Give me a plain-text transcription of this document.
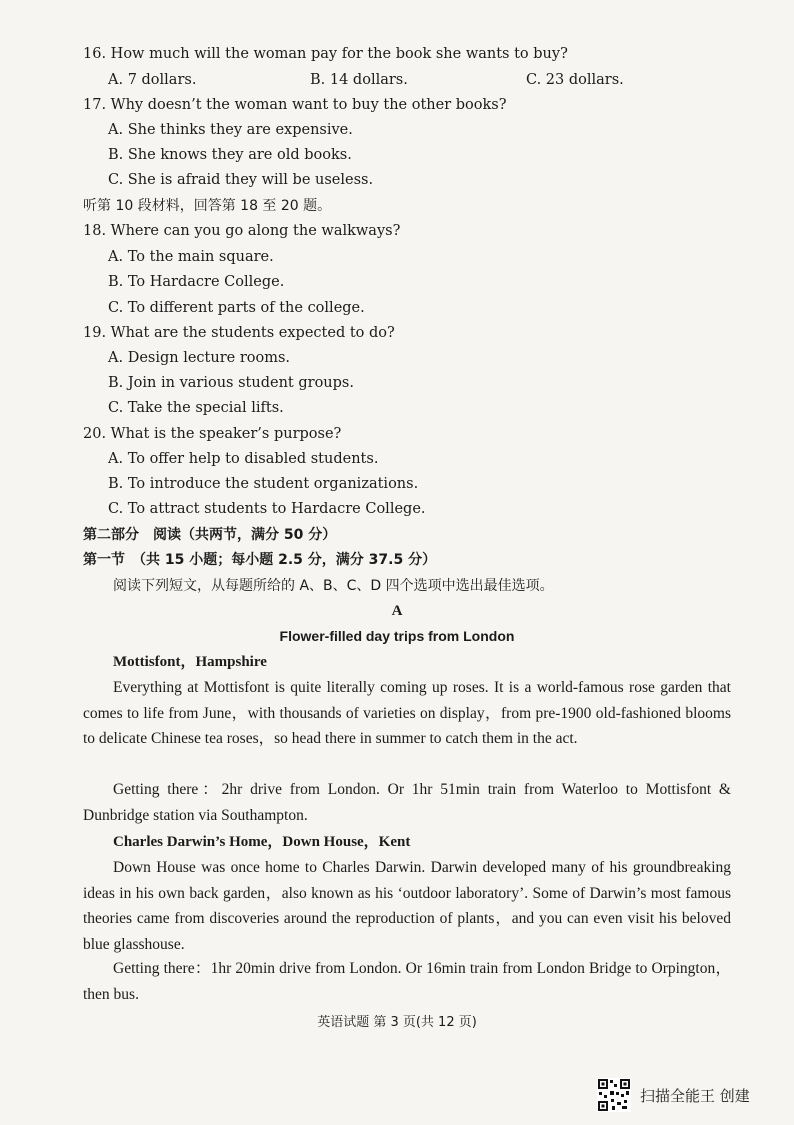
16. How much will the woman pay for the book she wants to buy?
A. 7 dollars.	B. 14 dollars.	C. 23 dollars.
17. Why doesn’t the woman want to buy the other books?
A. She thinks they are expensive.
B. She knows they are old books.
C. She is afraid they will be useless.
听第 10 段材料，回答第 18 至 20 题。
18. Where can you go along the walkways?
A. To the main square.
B. To Hardacre College.
C. To different parts of the college.
19. What are the students expected to do?
A. Design lecture rooms.
B. Join in various student groups.
C. Take the special lifts.
20. What is the speaker’s purpose?
A. To offer help to disabled students.
B. To introduce the student organizations.
C. To attract students to Hardacre College.
第二部分　阅读（共两节，满分 50 分）
第一节　（共 15 小题；每小题 2.5 分，满分 37.5 分）
阅读下列短文，从每题所给的 A、B、C、D 四个选项中选出最佳选项。
A
Flower-filled day trips from London
Mottisfont，Hampshire
Everything at Mottisfont is quite literally coming up roses. It is a world-famous rose garden that comes to life from June，with thousands of varieties on display，from pre-1900 old-fashioned blooms to delicate Chinese tea roses，so head there in summer to catch them in the act.
Getting there：2hr drive from London. Or 1hr 51min train from Waterloo to Mottisfont & Dunbridge station via Southampton.
Charles Darwin’s Home，Down House，Kent
Down House was once home to Charles Darwin. Darwin developed many of his groundbreaking ideas in his own back garden，also known as his ‘outdoor laboratory’. Some of Darwin’s most famous theories came from discoveries around the reproduction of plants，and you can even visit his beloved blue glasshouse.
Getting there：1hr 20min drive from London. Or 16min train from London Bridge to Orpington，then bus.
英语试题 第 3 页(共 12 页)
扫描全能王 创建
